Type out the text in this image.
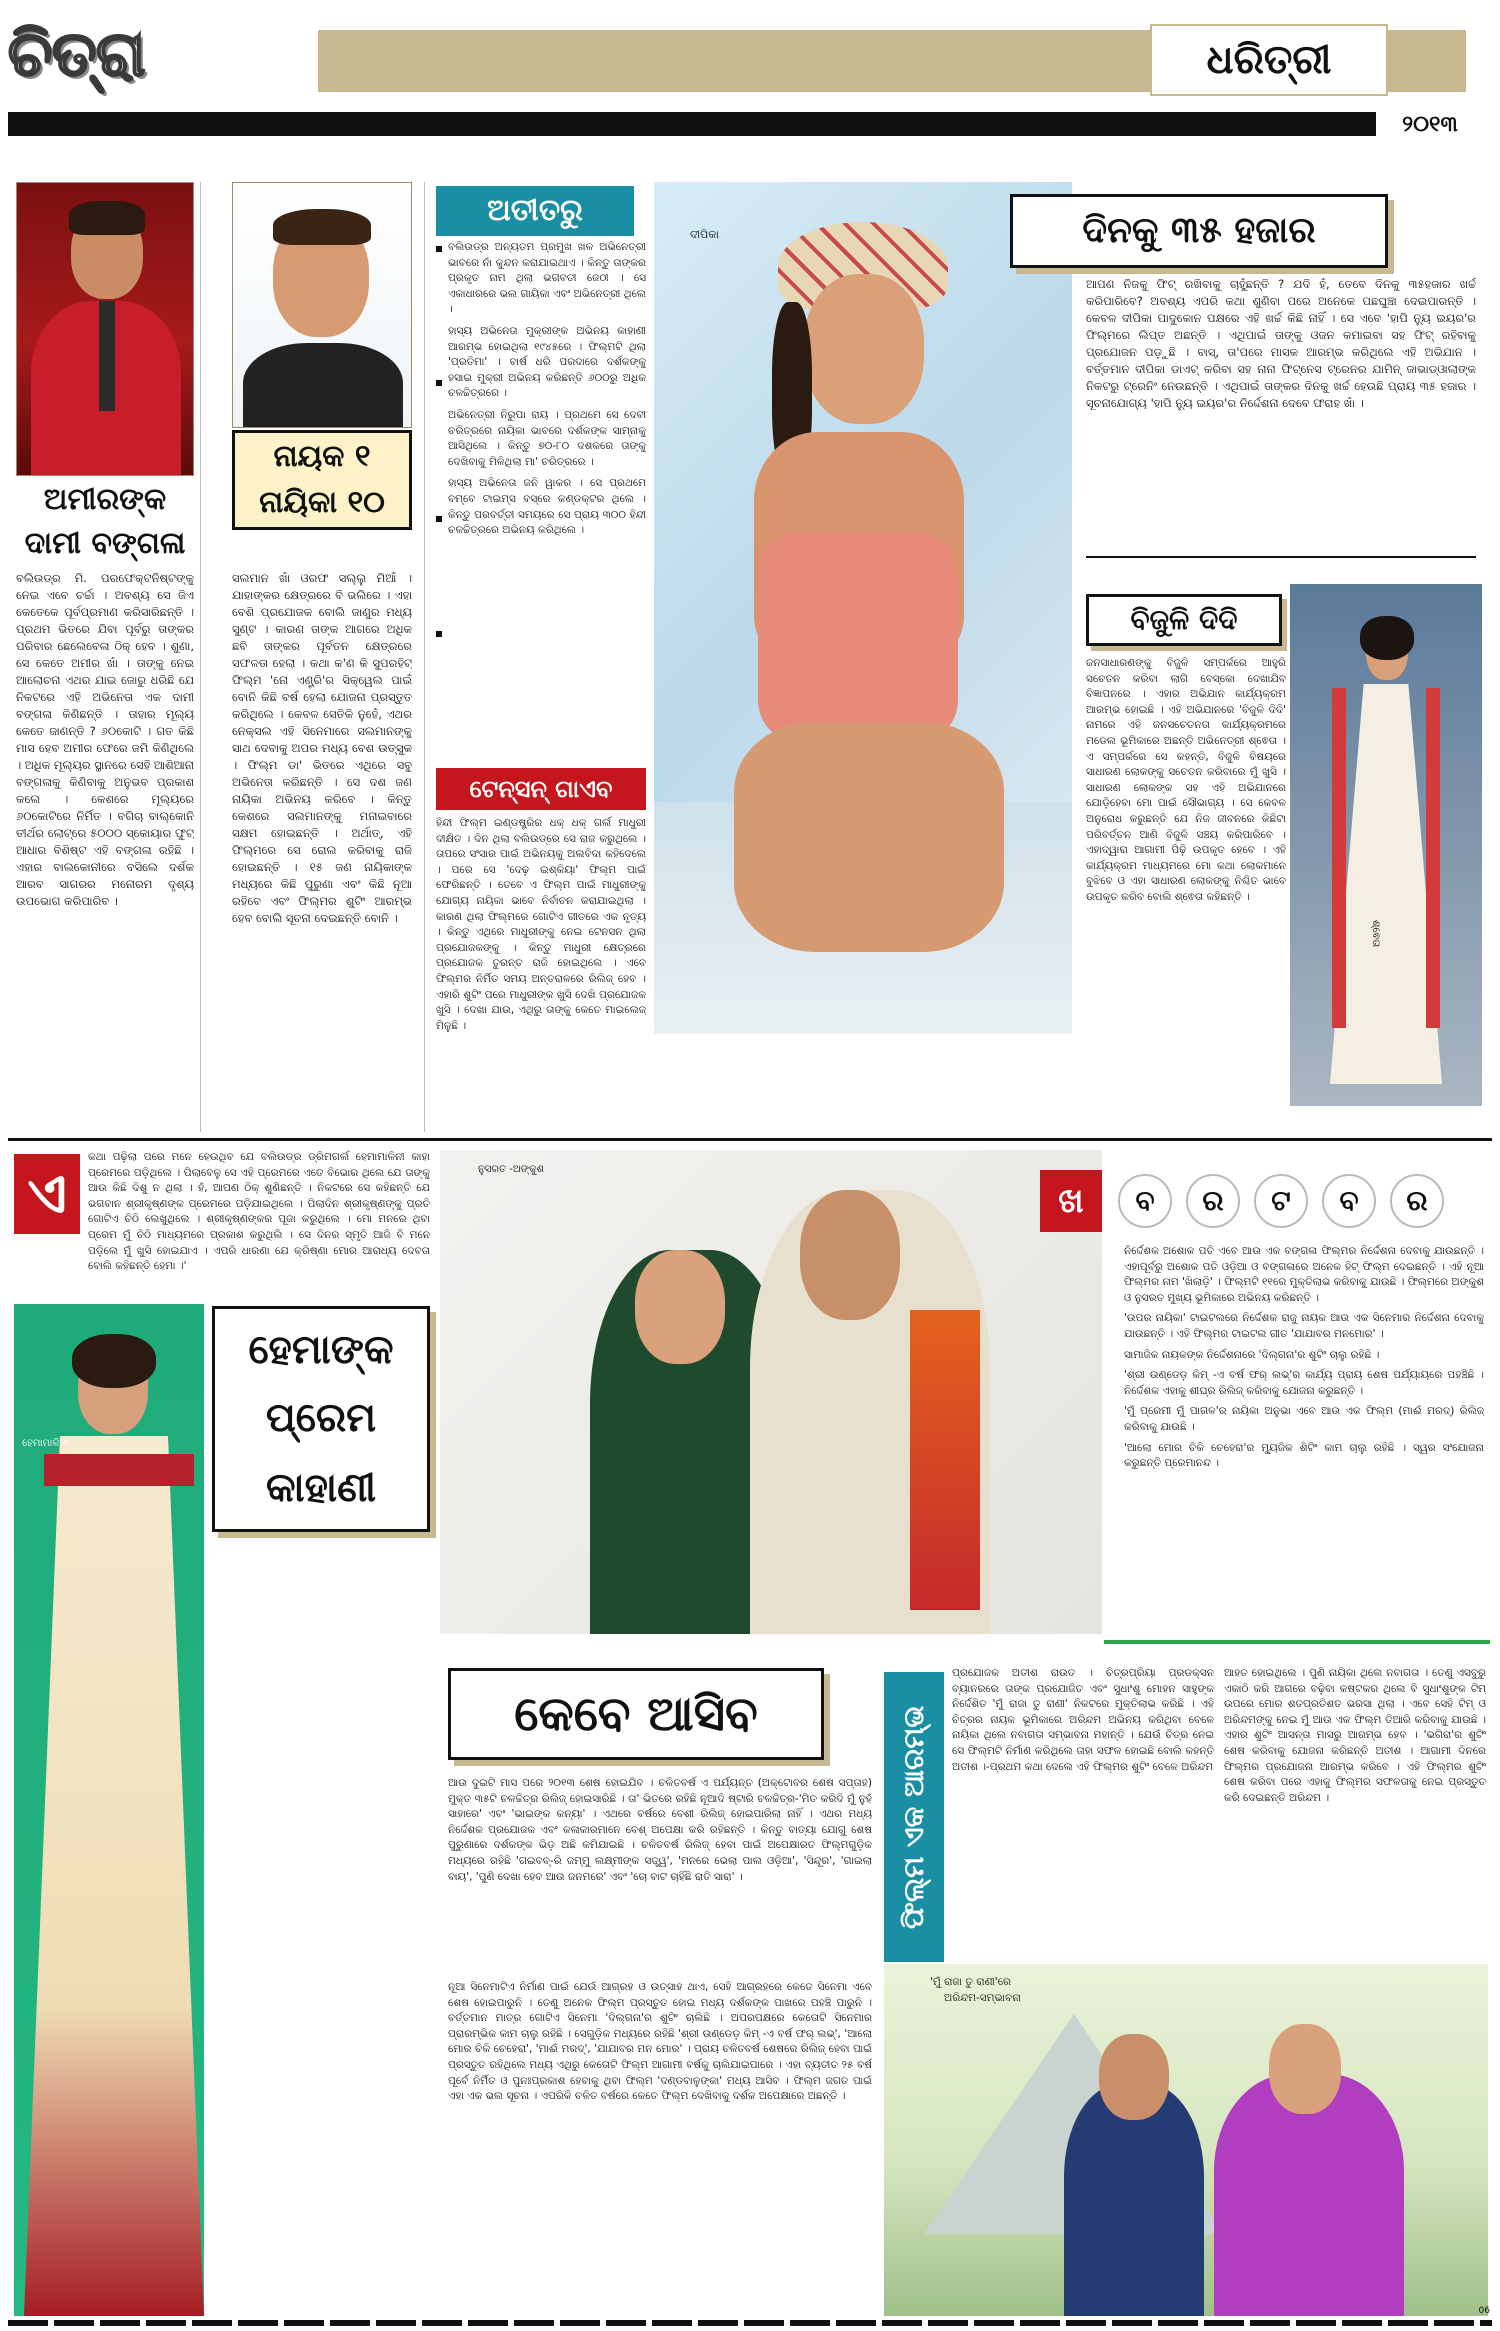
ଚିତ୍ରା	ଧରିତ୍ରୀ
୨୦୧୩
ଅମୀରଙ୍କ
ଦାମୀ ବଙ୍ଗଳା
ବଲିଉଡ୍‌ର ମି. ପରଫେକ୍ଟନିଷ୍ଟଙ୍କୁ ନେଇ ଏବେ ଚର୍ଚ୍ଚା । ଅବଶ୍ୟ ସେ ଜିଏ କେତେକେ ପୂର୍ବପ୍ରମାଣ କରିସାରିଛନ୍ତି । ପ୍ରଥମ ଭିତରେ ଯିବା ପୂର୍ବରୁ ତାଙ୍କର ପରିବାର ଛେଲେବେଳା ଠିକ୍ ହେବ । ଶୁଣା, ସେ କେତେ ଅମୀର ଖାଁ । ତାଙ୍କୁ ନେଇ ଆଲୋଚନା ଏଥର ଯାଇ ଜୋରୁ ଧରିଛି ଯେ ନିକଟରେ ଏହି ଅଭିନେତା ଏକ ଦାମୀ ବଙ୍ଗଳା କିଣିଛନ୍ତି । ତାହାର ମୂଲ୍ୟ କେତେ ଜାଣନ୍ତି ? ୬୦କୋଟି । ଗତ କିଛି ମାସ ହେବ ଅମୀର ଫେରେ ଜମି କିଣିଥିଲେ । ଅଧିକ ମୂଲ୍ୟର ସ୍ଥାନରେ ସେହି ଆଶିଆନା ବଙ୍ଗଳାକୁ କିଣିବାକୁ ଅନୁଭବ ପ୍ରକାଶ କଲେ । କେଶରେ ମୂଲ୍ୟରେ ୬୦କୋଟିରେ ନିର୍ମିତ । ବଗିଚା ବାଲ୍କୋନି ତୀର୍ଥର ଲୋଟ୍‌ରେ ୫୦୦୦ ସ୍କୋୟାର ଫୁଟ୍ ଆଧାର ବିଶିଷ୍ଟ ଏହି ବଙ୍ଗଳା ରହିଛି । ଏହାର ବାଲକୋନୀରେ ବସିଲେ ଦର୍ଶକ ଆରବ ସାଗରର ମନୋରମ ଦୃଶ୍ୟ ଉପଭୋଗ କରିପାରିବ ।
ନାୟକ ୧
ନାୟିକା ୧୦
ସଲମାନ ଖାଁ ଓରଫ ସଲ୍ଲୁ ମିଆଁ । ଯାହାଙ୍କର କ୍ଷେତ୍ରରେ ବି ଭଲିରେ । ଏହା ବେଶି ପ୍ରଯୋଜକ ବୋଲି ଜାଣୁର ମଧ୍ୟ ସୁଣ୍ଟ । କାରଣ ତାଙ୍କ ଆଗରେ ଅଧିକ ଛବି ତାଙ୍କର ପୂର୍ବତନ କ୍ଷେତ୍ରରେ ସଫଳତା ହେଲା । କଥା କ'ଣ କି ସୁପରହିଟ୍ ଫିଲ୍ମ 'ନୋ ଏଣ୍ଟ୍ରି'ର ସିକ୍ୱେଲ ପାଇଁ ବୋନି କିଛି ବର୍ଷ ହେଲା ଯୋଜନା ପ୍ରସ୍ତୁତ କରିଥିଲେ । କେବଳ ସେତିକି ନୁହେଁ, ଏଥର ନେକ୍ସଲ ଏହି ସିନେମାରେ ସଲମାନଙ୍କୁ ସାଥ ଦେବାକୁ ଅପର ମଧ୍ୟ ବେଶ ଉତ୍ସୁକ । ଫିଲ୍ମ ଡା' ଭିତରେ ଏଥିରେ ସବୁ ଅଭିନେତା କରିଛନ୍ତି । ସେ ଦଶ ଜଣ ନାୟିକା ଅଭିନୟ କରିବେ । କିନ୍ତୁ କେଶରେ ସଲମାନଙ୍କୁ ମନାଇବାରେ ସକ୍ଷମ ହୋଇଛନ୍ତି । ଅର୍ଥାତ୍, ଏହି ଫିଲ୍ମରେ ସେ ରୋଲ କରିବାକୁ ରାଜି ହୋଇଛନ୍ତି । ୧୫ ଜଣ ନାୟିକାଙ୍କ ମଧ୍ୟରେ କିଛି ପୁରୁଣା ଏବଂ କିଛି ନୂଆ ରହିବେ ଏବଂ ଫିଲ୍ମର ଶୁଟିଂ ଆରମ୍ଭ ହେବ ବୋଲି ସୂଚନା ଦେଇଛନ୍ତି ବୋନି ।
ଅତୀତରୁ
ବଲିଉଡ୍‌ର ଅନ୍ୟତମ ପ୍ରମୁଖ ଖଳ ଅଭିନେତ୍ରୀ ଭାବରେ ନାଁ କୁନ୍ଦନ କରାଯାଇଥାଏ । କିନ୍ତୁ ତାଙ୍କର ପ୍ରକୃତ ନାମ ଥିଲା ଭଗବତୀ ଜେଠୀ । ସେ ଏକାଧାରରେ ଭଲ ଗାୟିକା ଏବଂ ଅଭିନେତ୍ରୀ ଥିଲେ ।
ହାସ୍ୟ ଅଭିନେତା ମୁକ୍ରୀଙ୍କ ଅଭିନୟ କାହାଣୀ ଆରମ୍ଭ ହୋଇଥିଲା ୧୯୪୫ରେ । ଫିଲ୍ମଟି ଥିଲା 'ପ୍ରତିମା' । ବାର୍ଷ ଧରି ପରଦାରେ ଦର୍ଶକଙ୍କୁ ହସାଇ ମୁକ୍ରୀ ଅଭିନୟ କରିଛନ୍ତି ୬୦୦ରୁ ଅଧିକ ଚଳଚ୍ଚିତ୍ରରେ ।
ଅଭିନେତ୍ରୀ ନିରୁପା ରାୟ । ପ୍ରଥମେ ସେ ଦେବୀ ଚରିତ୍ରରେ ନାୟିକା ଭାବରେ ଦର୍ଶକଙ୍କ ସାମ୍ନାକୁ ଆସିଥିଲେ । କିନ୍ତୁ ୭୦-୮୦ ଦଶକରେ ତାଙ୍କୁ ଦେଖିବାକୁ ମିଳିଥିଲା ମା' ଚରିତ୍ରରେ ।
ହାସ୍ୟ ଅଭିନେତା ଜନି ୱାକର । ସେ ପ୍ରଥମେ ବମ୍ବେ ଟାଇମ୍ସ ବସ୍‌ରେ କଣ୍ଡକ୍ଟର ଥିଲେ । କିନ୍ତୁ ପରବର୍ତ୍ତୀ ସମୟରେ ସେ ପ୍ରାୟ ୩୦୦ ହିନ୍ଦୀ ଚଳଚ୍ଚିତ୍ରରେ ଅଭିନୟ କରିଥିଲେ ।
ଟେନ୍‌ସନ୍ ଗାଏବ
ହିନ୍ଦୀ ଫିଲ୍ମ ଇଣ୍ଡଷ୍ଟ୍ରିର ଧକ୍ ଧକ୍ ଗର୍ଲ ମାଧୁରୀ ଦୀକ୍ଷିତ । ଦିନ ଥିଲା ବଲିଉଡ୍‌ରେ ସେ ରାଜ କରୁଥିଲେ । ତାପରେ ସଂସାର ପାଇଁ ଅଭିନୟକୁ ଅଲବିଦା କହିଦେଲେ । ପରେ ସେ 'ଦେଢ଼ ଇଶ୍କିୟା' ଫିଲ୍ମ ପାଇଁ ଫେରିଛନ୍ତି । ତେବେ ଏ ଫିଲ୍ମ ପାଇଁ ମାଧୁରୀଙ୍କୁ ଯୋଗ୍ୟ ନାୟିକା ଭାବେ ନିର୍ବାଚନ କରାଯାଇଥିଲା । କାରଣ ଥିଲା ଫିଲ୍ମରେ ଗୋଟିଏ ଗୀତରେ ଏକ ନୃତ୍ୟ । କିନ୍ତୁ ଏଥିରେ ମାଧୁରୀଙ୍କୁ ନେଇ ଟେନସନ ଥିଲା ପ୍ରଯୋଜକଙ୍କୁ । କିନ୍ତୁ ମାଧୁରୀ କ୍ଷେତ୍ରରେ ପ୍ରଯୋଜକ ତୁରନ୍ତ ରାଜି ହୋଇଥିଲେ । ଏବେ ଫିଲ୍ମର ନିର୍ମିତ ସମୟ ଅନ୍ତରାଳରେ ରିଲିଜ୍ ହେବ । ଏହାରି ଶୁଟିଂ ପରେ ମାଧୁରୀଙ୍କ ଖୁସି ଦେଖି ପ୍ରଯୋଜକ ଖୁସି । ଦେଖା ଯାଉ, ଏଥିରୁ ତାଙ୍କୁ କେତେ ମାଇଲେଜ୍ ମିଳୁଛି ।
ଦୀପିକା	ଦିନକୁ ୩୫ ହଜାର
ଆପଣ ନିଜକୁ ଫିଟ୍ ରଖିବାକୁ ଚାହୁଁଛନ୍ତି ? ଯଦି ହଁ, ତେବେ ଦିନକୁ ୩୫ହଜାର ଖର୍ଚ୍ଚ କରିପାରିବେ? ଅବଶ୍ୟ ଏପରି କଥା ଶୁଣିବା ପରେ ଅନେକେ ପଛଘୁଞ୍ଚା ଦେଇପାରନ୍ତି । କେବଳ ଦୀପିକା ପାଦୁକୋନ ପକ୍ଷରେ ଏହି ଖର୍ଚ୍ଚ କିଛି ନାହିଁ । ସେ ଏବେ 'ହାପି ନ୍ୟୁ ଇୟର'ର ଫିଲ୍ମରେ ଲିପ୍ତ ଅଛନ୍ତି । ଏଥିପାଇଁ ତାଙ୍କୁ ଓଜନ କମାଇବା ସହ ଫିଟ୍ ରହିବାକୁ ପ୍ରଯୋଜନ ପଡ଼ୁଛି । ବାସ୍, ତା'ପରେ ମାସକ ଆରମ୍ଭ କରିଥିଲେ ଏହି ଅଭିଯାନ । ବର୍ତ୍ତମାନ ଦୀପିକା ଡାଏଟ୍ କରିବା ସହ ନାନା ଫିଟ୍‌ନେସ ଟ୍ରେନର ଯାମିନ୍ ଜାଭାଡ୍‌ଓାଲାଙ୍କ ନିକଟରୁ ଟ୍ରେନିଂ ନେଉଛନ୍ତି । ଏଥିପାଇଁ ତାଙ୍କର ଦିନକୁ ଖର୍ଚ୍ଚ ହେଉଛି ପ୍ରାୟ ୩୫ ହଜାର । ସୂଚନାଯୋଗ୍ୟ 'ହାପି ନ୍ୟୁ ଇୟର'ର ନିର୍ଦ୍ଦେଶନା ଦେବେ ଫରାହ ଖାଁ ।
ବିଜୁଳି ଦିଦି
ଜନସାଧାରଣଙ୍କୁ ବିଜୁଳି ସମ୍ପର୍କରେ ଆହୁରି ସଚେତନ କରିବା ଲାଗି ବେସ୍କୋ ଦେଖାଯିବ ବିଜ୍ଞାପନରେ । ଏହାର ଅଭିଯାନ କାର୍ଯ୍ୟକ୍ରମ ଆରମ୍ଭ ହୋଇଛି । ଏହି ଅଭିଯାନରେ 'ବିଜୁଳି ଦିଦି' ନାମରେ ଏହି ଜନସଚେତନତା କାର୍ଯ୍ୟକ୍ରମରେ ମଡେଲ ଭୂମିକାରେ ଅଛନ୍ତି ଅଭିନେତ୍ରୀ ଶ୍ଵେତା । ଏ ସମ୍ପର୍କରେ ସେ କହନ୍ତି, ବିଜୁଳି ବିଷୟରେ ସାଧାରଣ ଲୋକଙ୍କୁ ସଚେତନ କରିବାରେ ମୁଁ ଖୁସି । ସାଧାରଣ ଲୋକଙ୍କ ସହ ଏହି ଅଭିଯାନରେ ଯୋଡ଼ିହେବା ମୋ ପାଇଁ ସୌଭାଗ୍ୟ । ସେ କେବଳ ଅନୁରୋଧ କରୁଛନ୍ତି ଯେ ନିଜ ଜୀବନରେ କିଛିଟା ପରିବର୍ତ୍ତନ ଆଣି ବିଜୁଳି ସଞ୍ଚୟ କରିପାରିବେ । ଏହାଦ୍ୱାରା ଆଗାମୀ ପିଢ଼ି ଉପକୃତ ହେବେ । ଏହି କାର୍ଯ୍ୟକ୍ରମ ମାଧ୍ୟମରେ ମୋ କଥା ଲୋକମାନେ ବୁଝିବେ ଓ ଏହା ସାଧାରଣ ଲୋକଙ୍କୁ ନିଶ୍ଚିତ ଭାବେ ଉପକୃତ କରିବ ବୋଲି ଶ୍ଵେତା କହିଛନ୍ତି ।
ଶ୍ଵେତା
ଏ
କଥା ପଢ଼ିଲା ପରେ ମନେ ହେଉଥିବ ଯେ ବଲିଉଡ୍‌ର ଡ୍ରିମଗର୍ଲ ହେମାମାଳିନୀ କାହା ପ୍ରେମରେ ପଡ଼ିଥିଲେ । ପିଲାବେଳୁ ସେ ଏହି ପ୍ରେମରେ ଏତେ ବିଭୋର ଥିଲେ ଯେ ତାଙ୍କୁ ଆଉ କିଛି ଦିଶୁ ନ ଥିଲା । ହଁ, ଆପଣ ଠିକ୍ ଶୁଣିଛନ୍ତି । ନିକଟରେ ସେ କହିଛନ୍ତି ଯେ ଭଗବାନ ଶ୍ରୀକୃଷ୍ଣଙ୍କ ପ୍ରେମରେ ପଡ଼ିଯାଇଥିଲେ । ପିଲାଦିନ ଶ୍ରୀକୃଷ୍ଣଙ୍କୁ ପ୍ରତି ଗୋଟିଏ ଚିଠି ଲେଖୁଥିଲେ । ଶ୍ରୀକୃଷ୍ଣଙ୍କର ପୂଜା କରୁଥିଲେ । ମୋ ମନରେ ଥିବା ପ୍ରେମ ମୁଁ ଚିଠି ମାଧ୍ୟମରେ ପ୍ରକାଶ କରୁଥିଲି । ସେ ଦିନର ସ୍ମୃତି ଆଜି ବି ମନେ ପଡ଼ିଲେ ମୁଁ ଖୁସି ହୋଇଯାଏ । ଏପରି ଧାରଣା ଯେ କ୍ରିଷ୍ଣା ମୋର ଆରାଧ୍ୟ ଦେବତା ବୋଲି କହିଛନ୍ତି ହେମା ।'
ହେମାଙ୍କ
ପ୍ରେମ
କାହାଣୀ
ହେମାମାଳିନୀ
ନୁସରତ -ଅଙ୍କୁଶ
ଖ	ବ	ର	ଟ	ବ	ର
ନିର୍ଦ୍ଦେଶକ ଅଶୋକ ପତି ଏବେ ଆଉ ଏକ ବଙ୍ଗଳା ଫିଲ୍ମର ନିର୍ଦ୍ଦେଶନା ଦେବାକୁ ଯାଉଛନ୍ତି । ଏହାପୂର୍ବରୁ ଅଶୋକ ପତି ଓଡ଼ିଆ ଓ ବଙ୍ଗଳାରେ ଅନେକ ହିଟ୍ ଫିଲ୍ମ ଦେଇଛନ୍ତି । ଏହି ନୂଆ ଫିଲ୍ମର ନାମ 'ଖିଲାଡ଼ି' । ଫିଲ୍ମଟି ୧୧ରେ ମୁକ୍ତିଲାଭ କରିବାକୁ ଯାଉଛି । ଫିଲ୍ମରେ ଅଙ୍କୁଶ ଓ ନୁସରତ ମୁଖ୍ୟ ଭୂମିକାରେ ଅଭିନୟ କରିଛନ୍ତି ।
'ଉପର ନାୟିକା' ଟାଇଟଲରେ ନିର୍ଦ୍ଦେଶକ ରାଜୁ ନାୟକ ଆଉ ଏକ ସିନେମାର ନିର୍ଦ୍ଦେଶନା ଦେବାକୁ ଯାଉଛନ୍ତି । ଏହି ଫିଲ୍ମର ଟାଇଟଲ ଗୀତ 'ଯାଯାବର ମନମୋର' ।
ସାମାଜିକ ନାୟକଙ୍କ ନିର୍ଦ୍ଦେଶନାରେ 'ଦିଲ୍‌ଗନା'ର ଶୁଟିଂ ଚାଲୁ ରହିଛି ।
'ଶ୍ରୀ ଉଣ୍ଡେଡ଼ କିମ୍ -ଏ ବର୍ଷ ଫର୍ ଲଭ୍'ର କାର୍ଯ୍ୟ ପ୍ରାୟ ଶେଷ ପର୍ଯ୍ୟାୟରେ ପହଞ୍ଚିଛି । ନିର୍ଦ୍ଦେଶକ ଏହାକୁ ଶୀଘ୍ର ରିଲିଜ୍ କରିବାକୁ ଯୋଜନା କରୁଛନ୍ତି ।
'ମୁଁ ପ୍ରେମୀ ମୁଁ ପାଗଳ'ର ନାୟିକା ଅନୁଭା ଏବେ ଆଉ ଏକ ଫିଲ୍ମ (ମାଈଁ ମରଦ୍) ରିଲିଜ୍ କରିବାକୁ ଯାଉଛି ।
'ଆଲୋ ମୋର ଚିକି ଚେହେରା'ର ମ୍ୟୁଜିକ ଶିଟିଂ କାମ ଚାଲୁ ରହିଛି । ସ୍ୱର ସଂଯୋଜନା କରୁଛନ୍ତି ପ୍ରେମାନନ୍ଦ ।
କେବେ ଆସିବ
ଆଉ ଦୁଇଟି ମାସ ପରେ ୨୦୧୩ ଶେଷ ହୋଇଯିବ । ଚଳିତବର୍ଷ ଏ ପର୍ଯ୍ୟନ୍ତ (ଅକ୍ଟୋବର ଶେଷ ସପ୍ତାହ) ମୁକ୍ତ ୩୫ଟି ଚଳଚ୍ଚିତ୍ର ରିଲିଜ୍ ହୋଇସାରିଛି । ତା' ଭିତରେ ରହିଛି ନୂଆଦି ଷ୍ଟାରି ଚଳଚ୍ଚିତ୍ର-'ମିତ କରିଦି ମୁଁ ନୁହଁ ସାହାରେ' ଏବଂ 'ଭାଇଙ୍କ କନ୍ୟା' । ଏଥରେ ବର୍ଷରେ ବେଶୀ ରିଲିଜ୍ ହୋଇପାରିଲା ନାହିଁ । ଏଥର ମଧ୍ୟ ନିର୍ଦ୍ଦେଶକ ପ୍ରଯୋଜକ ଏବଂ କଳାକାରମାନେ ବେଶ୍ ଅପେକ୍ଷା କରି ରହିଛନ୍ତି । କିନ୍ତୁ ବାତ୍ୟା ଯୋଗୁ ଶେଷ ପୁରୁଣାରେ ଦର୍ଶକଙ୍କ ଭିଡ଼ ଅଛି କମିଯାଇଛି । ଚଳିତବର୍ଷ ରିଲିଜ୍ ହେବା ପାଇଁ ଅପେକ୍ଷାରତ ଫିଲ୍ମଗୁଡ଼ିକ ମଧ୍ୟରେ ରହିଛି 'ଗଇବବ୍-ରି ଜମ୍ମୁ ଲକ୍ଷ୍ମୀଙ୍କ ସତ୍ତ୍ୱ', 'ମନରେ ଭେଲା ପାଲ ଓଡ଼ିଆ', 'ସିନ୍ଦୂର', 'ଗାଇଲା ବାୟ', 'ପୁଣି ଦେଖା ହେବ ଆଉ ଜନମରେ' ଏବଂ 'ଚୋ ବାଟ ଚାହିଁଛି ରାତି ସାରା' ।
ନୂଆ ସିନେମାଟିଏ ନିର୍ମାଣ ପାଇଁ ଯେଉଁ ଆଗ୍ରହ ଓ ଉତ୍ସାହ ଥାଏ, ସେହି ଆଗ୍ରହରେ କେତେ ସିନେମା ଏବେ ଶେଷ ହୋଇପାରୁନି । ତେଣୁ ଅନେକ ଫିଲ୍ମ ପ୍ରସ୍ତୁତ ହୋଇ ମଧ୍ୟ ଦର୍ଶକଙ୍କ ପାଖରେ ପହଞ୍ଚି ପାରୁନି । ବର୍ତ୍ତମାନ ମାତ୍ର ଗୋଟିଏ ସିନେମା 'ଦିଲ୍‌ଗନା'ର ଶୁଟିଂ ଚାଲିଛି । ଅପରପକ୍ଷରେ କେତୋଟି ସିନେମାର ପ୍ରାରମ୍ଭିକ କାମ ଚାଲୁ ରହିଛି । ସେଗୁଡ଼ିକ ମଧ୍ୟରେ ରହିଛି 'ଶ୍ରୀ ଉଣ୍ଡେଡ଼ କିମ୍ -ଏ ବର୍ଷ ଫର୍ ଲଭ୍', 'ଆଲୋ ମୋର ଚିକି ଚେହେରା', 'ମାଈଁ ମରଦ୍', 'ଯାଯାବର ମନ ମୋର' । ପ୍ରାୟ ଚଳିତବର୍ଷ ଶେଷରେ ରିଲିଜ୍ ହେବା ପାଇଁ ପ୍ରସ୍ତୁତ ରହିଥିଲେ ମଧ୍ୟ ଏଥିରୁ କେତୋଟି ଫିଲ୍ମ ଆଗାମୀ ବର୍ଷକୁ ଚାଲିଯାଇପାରେ । ଏହା ବ୍ୟତୀତ ୨୫ ବର୍ଷ ପୂର୍ବେ ନିର୍ମିତ ଓ ପୁନଃପ୍ରକାଶ ହେବାକୁ ଥିବା ଫିଲ୍ମ 'ଦଣ୍ଡବାଳୁଙ୍କା' ମଧ୍ୟ ଆସିବ । ଫିଲ୍ମ ଜଗତ ପାଇଁ ଏହା ଏକ ଭଲ ସୂଚନା । ଏପରିକି ଚଳିତ ବର୍ଷରେ କେତେ ଫିଲ୍ମ ଦେଖିବାକୁ ଦର୍ଶକ ଅପେକ୍ଷାରେ ଅଛନ୍ତି ।
ଫିଲ୍ମ ଏକ ଆରମ୍ଭ
ପ୍ରଯୋଜକ ଅତୀଶ ରାଉତ । ଚିତ୍ରପ୍ରିୟା ପ୍ରଡକ୍ସନ ବ୍ୟାନରରେ ତାଙ୍କ ପ୍ରଯୋଜିତ ଏବଂ ସୁଧାଂଶୁ ମୋହନ ସାହୁଙ୍କ ନିର୍ଦ୍ଦେଶିତ 'ମୁଁ ରାଜା ତୁ ରାଣୀ' ନିକଟରେ ମୁକ୍ତିଲାଭ କରିଛି । ଏହି ଚିତ୍ରର ନାୟକ ଭୂମିକାରେ ଅରିନ୍ଦମ ଅଭିନୟ କରିଥିବା ବେଳେ ନାୟିକା ଥିଲେ ନବାଗତା ସମ୍ଭାବନା ମହାନ୍ତି । ଯେଉଁ ଚିତ୍ର ନେଇ ସେ ଫିଲ୍ମଟି ନିର୍ମାଣ କରିଥିଲେ ତାହା ସଫଳ ହୋଇଛି ବୋଲି କହନ୍ତି ଅତୀଶ ।-ପ୍ରଥମ କଥା ଦେଲେ ଏହି ଫିଲ୍ମର ଶୁଟିଂ ବେଳେ ଅରିନ୍ଦମ
ଆହତ ହୋଇଥିଲେ । ପୁଣି ନାୟିକା ଥିଲେ ନବାଗତା । ତେଣୁ ଏସବୁରୁ ଏକାଠି କରି ଆଗରେ ବଢ଼ିବା କଷ୍ଟକର ଥିଲେ ବି ସୁଧାଂଶୁଙ୍କ ଟିମ୍ ଉପରେ ମୋର ଶତପ୍ରତିଶତ ଭରସା ଥିଲା । ଏବେ ସେହି ଟିମ୍ ଓ ଅରିନ୍ଦମଙ୍କୁ ନେଇ ମୁଁ ଆଉ ଏକ ଫିଲ୍ମ ତିଆରି କରିବାକୁ ଯାଉଛି । ଏହାର ଶୁଟିଂ ଆସନ୍ତା ମାସରୁ ଆରମ୍ଭ ହେବ । 'ଭଗିରା'ର ଶୁଟିଂ ଶେଷ କରିବାକୁ ଯୋଜନା କରିଛନ୍ତି ଅତୀଶ । ଆଗାମୀ ଦିନରେ ଫିଲ୍ମର ପ୍ରଯୋଜନା ଆରମ୍ଭ କରିବେ । ଏହି ଫିଲ୍ମର ଶୁଟିଂ ଶେଷ କରିବା ପରେ ଏହାକୁ ଫିଲ୍ମର ସଫଳତାକୁ ନେଇ ପ୍ରସ୍ତୁତ କରି ଦେଇଛନ୍ତି ଅରିନ୍ଦମ ।
'ମୁଁ ରାଜା ତୁ ରାଣୀ'ରେ
ଅରିନ୍ଦମ-ସମ୍ଭାବନା
06
